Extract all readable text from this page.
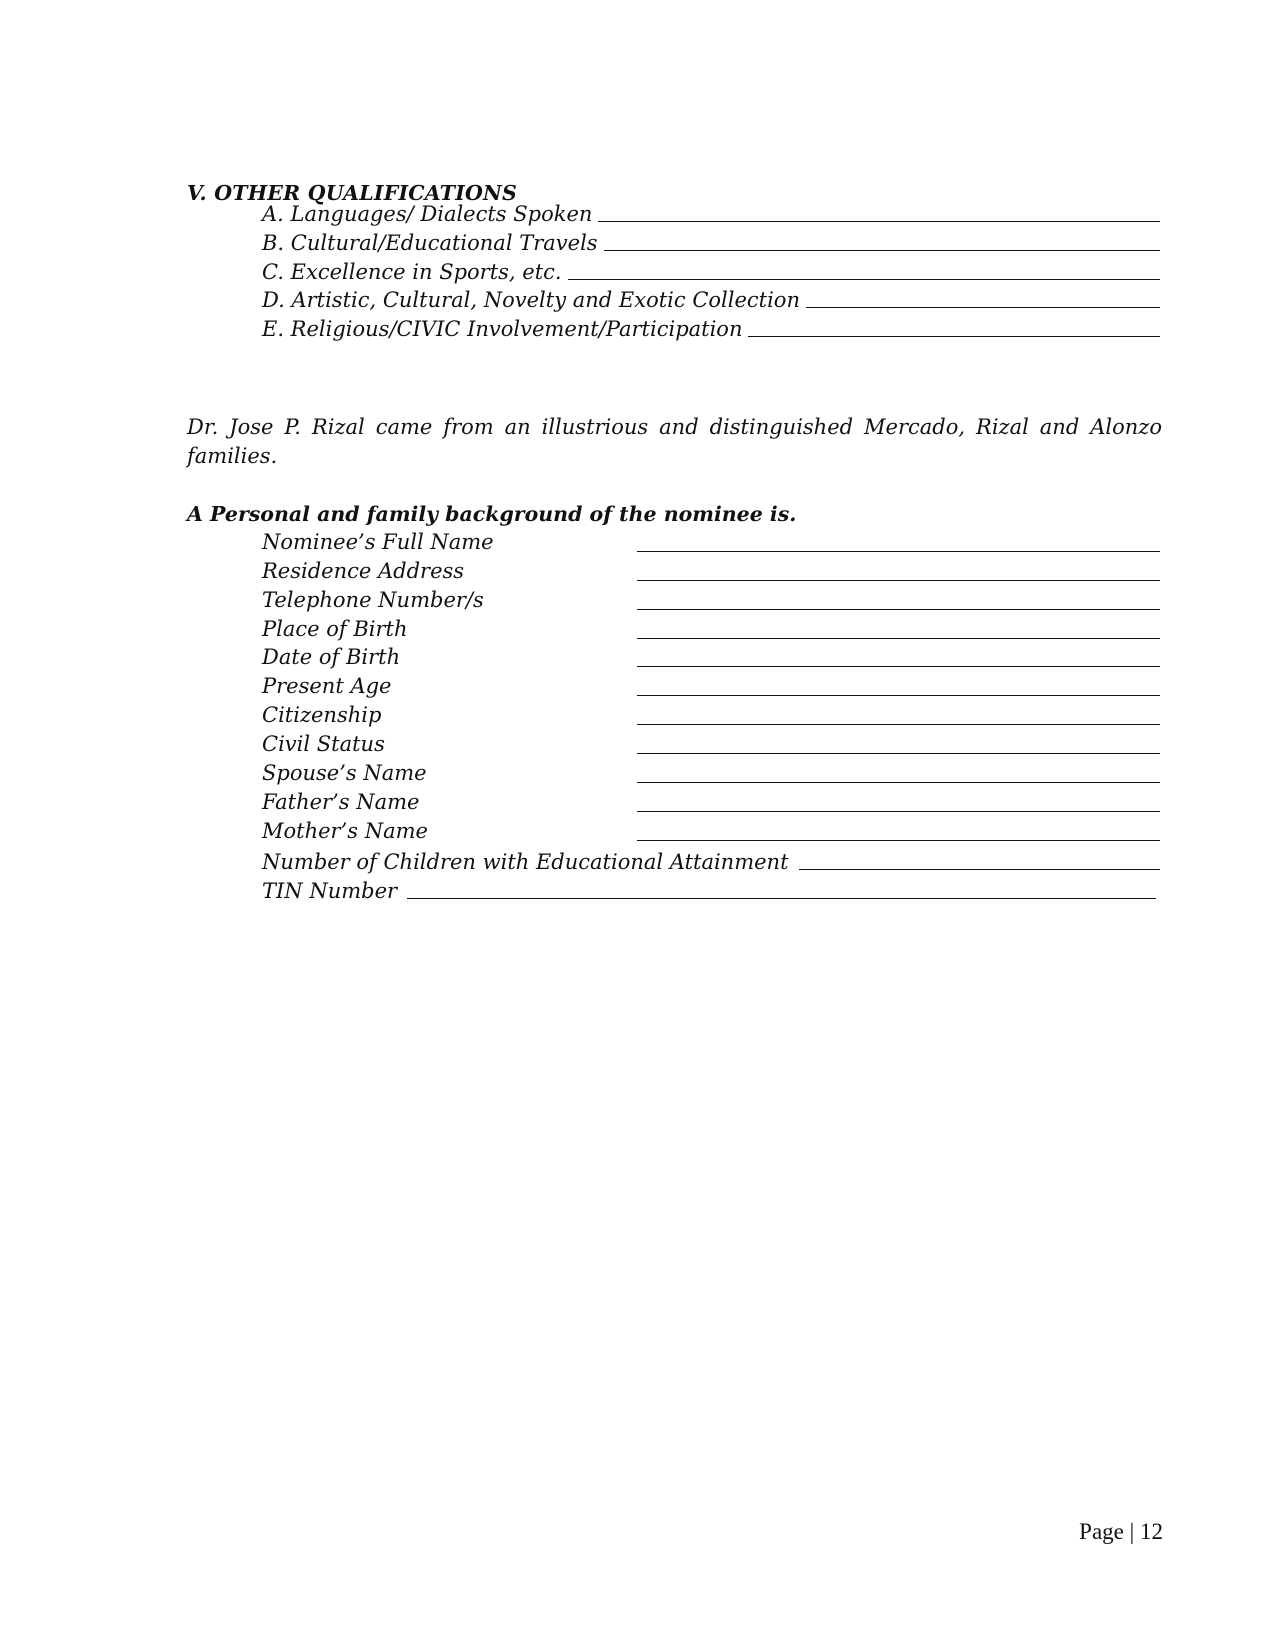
V. OTHER QUALIFICATIONS
A. Languages/ Dialects Spoken
B. Cultural/Educational Travels
C. Excellence in Sports, etc.
D. Artistic, Cultural, Novelty and Exotic Collection
E. Religious/CIVIC Involvement/Participation
Dr. Jose P. Rizal came from an illustrious and distinguished Mercado, Rizal and Alonzo families.
A Personal and family background of the nominee is.
Nominee’s Full Name
Residence Address
Telephone Number/s
Place of Birth
Date of Birth
Present Age
Citizenship
Civil Status
Spouse’s Name
Father’s Name
Mother’s Name
Number of Children with Educational Attainment
TIN Number
Page | 12
